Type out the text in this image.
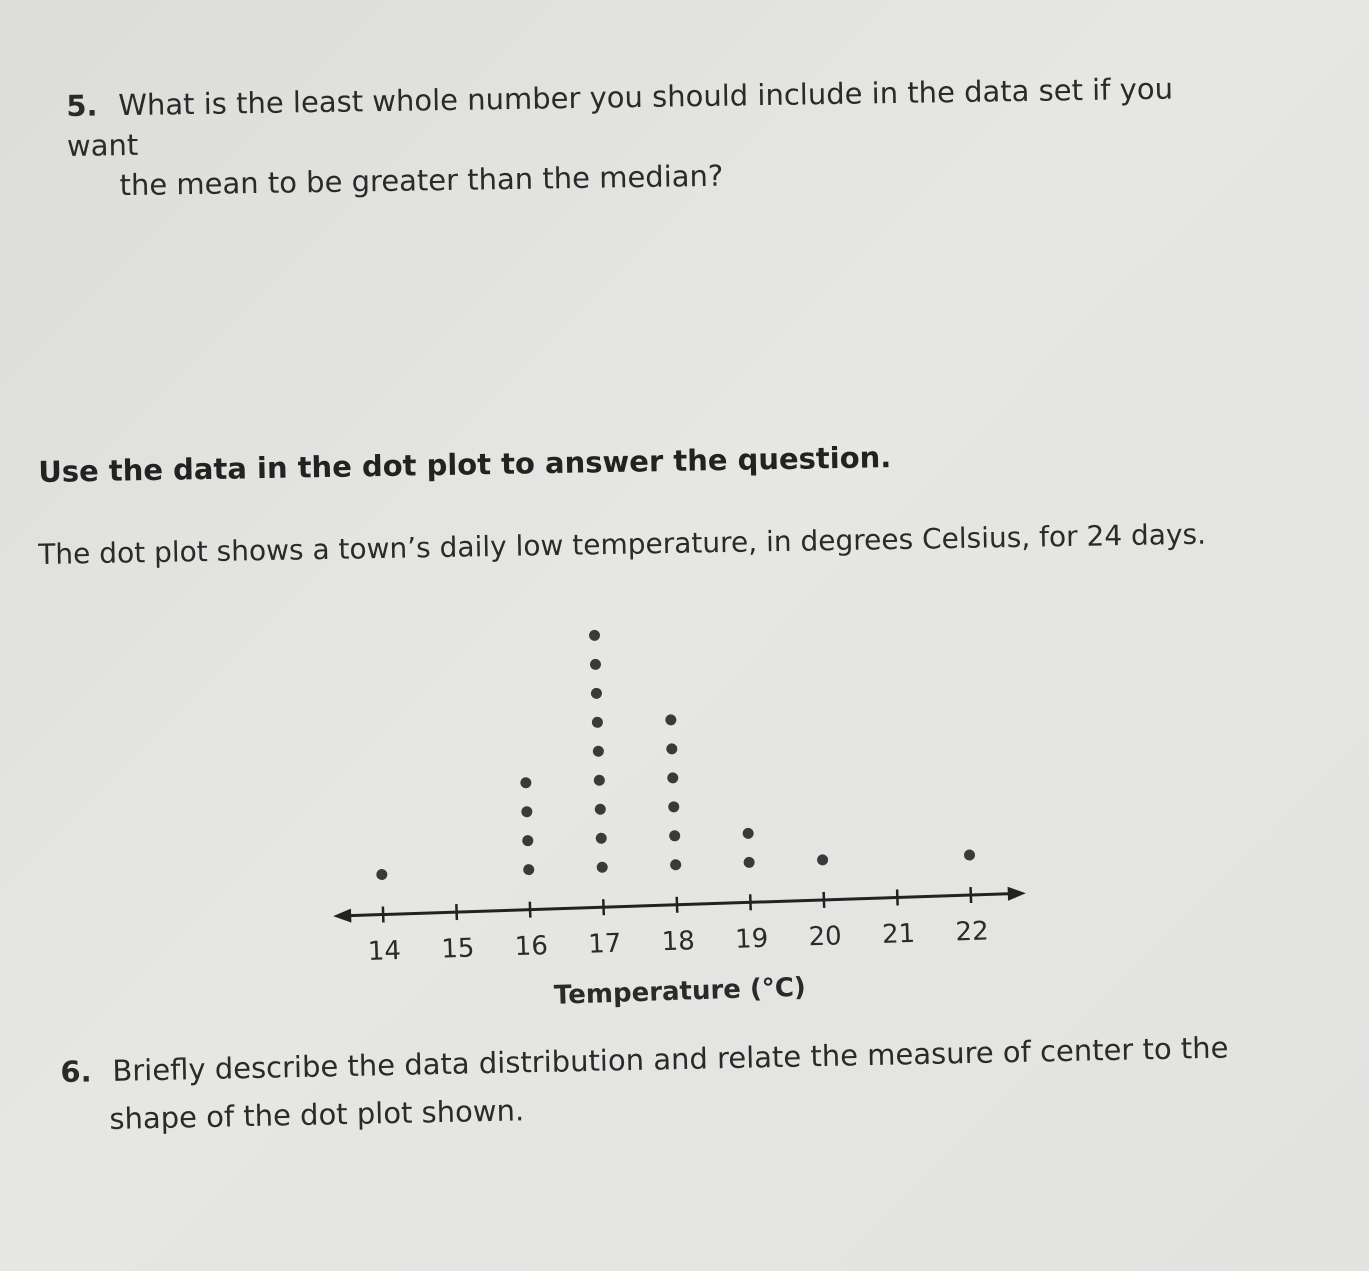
5. What is the least whole number you should include in the data set if you want
the mean to be greater than the median?
Use the data in the dot plot to answer the question.
The dot plot shows a town’s daily low temperature, in degrees Celsius, for 24 days.
14 15 16 17 18 19 20 21 22
Temperature (°C)
6. Briefly describe the data distribution and relate the measure of center to the
shape of the dot plot shown.
